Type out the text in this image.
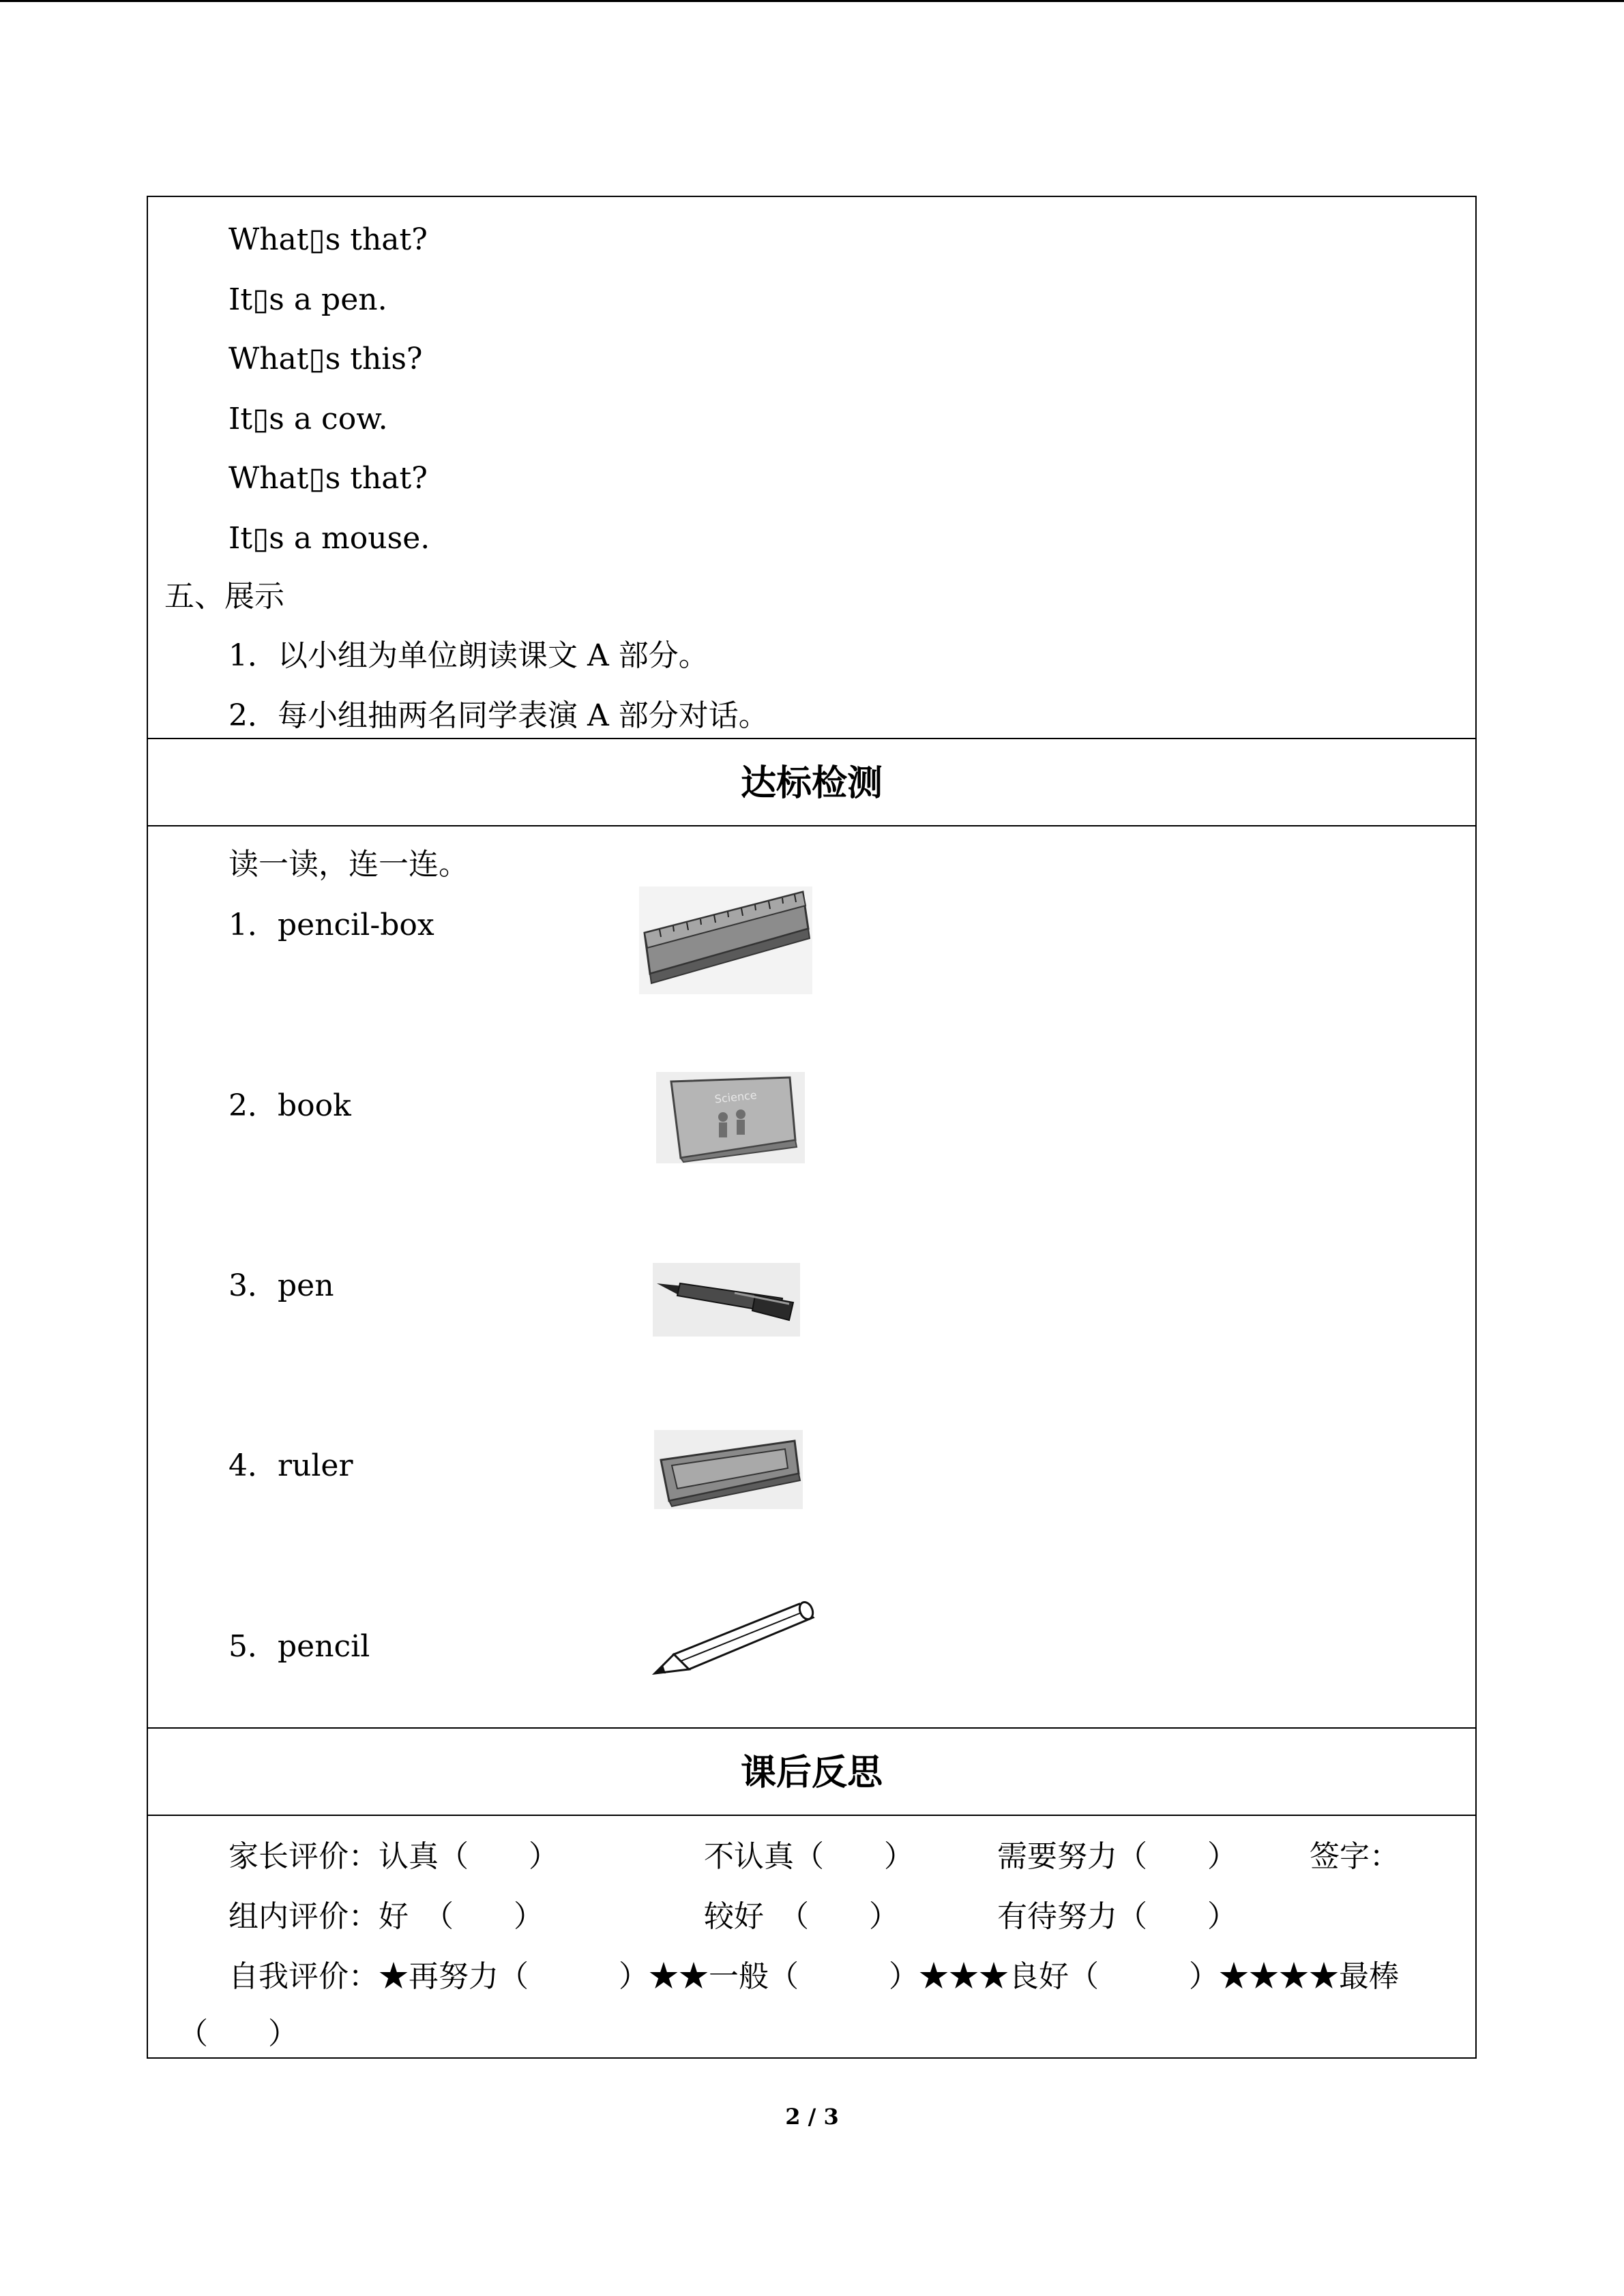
What▯s that?
It▯s a pen.
What▯s this?
It▯s a cow.
What▯s that?
It▯s a mouse.
五、展示
1．以小组为单位朗读课文 A 部分。
2．每小组抽两名同学表演 A 部分对话。
达标检测
读一读，连一连。
1．pencil-box
2．book
3．pen
4．ruler
5．pencil
Science
课后反思
家长评价：认真（　　）	不认真（　　）	需要努力（　　） 签字：
组内评价：好　（　　）	较好　（　　）	有待努力（　　）
自我评价：★再努力（　　　）★★一般（　　　）★★★良好（　　　）★★★★最棒
（　　）
2 / 3
